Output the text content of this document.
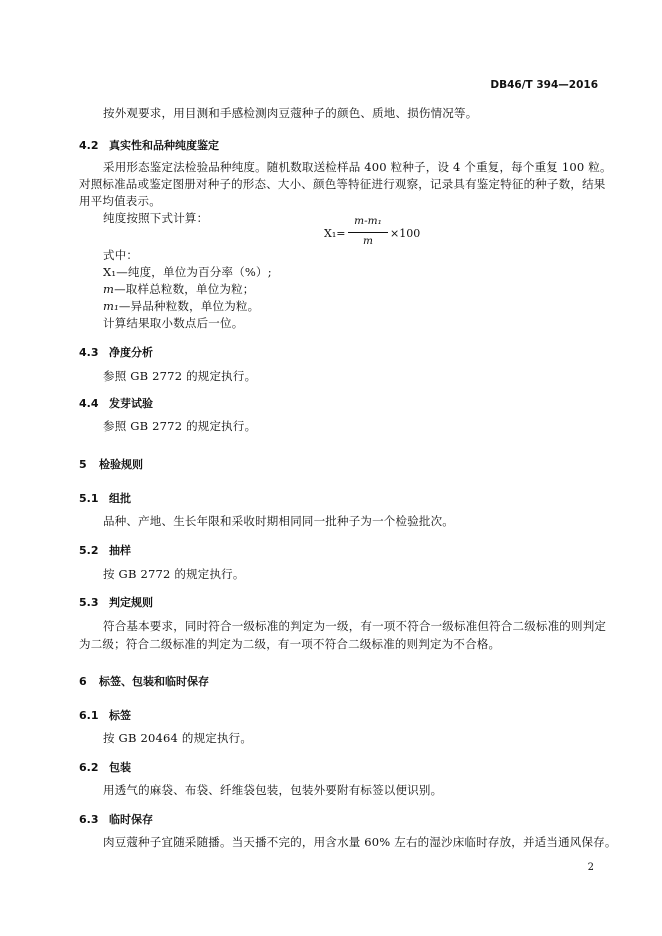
DB46/T 394—2016
按外观要求，用目测和手感检测肉豆蔻种子的颜色、质地、损伤情况等。
4.2 真实性和品种纯度鉴定
采用形态鉴定法检验品种纯度。随机数取送检样品 400 粒种子，设 4 个重复，每个重复 100 粒。
对照标准品或鉴定图册对种子的形态、大小、颜色等特征进行观察，记录具有鉴定特征的种子数，结果
用平均值表示。
纯度按照下式计算：
X₁=
m-m₁
m
×100
式中：
X₁—纯度，单位为百分率（%）;
m—取样总粒数，单位为粒；
m₁—异品种粒数，单位为粒。
计算结果取小数点后一位。
4.3 净度分析
参照 GB 2772 的规定执行。
4.4 发芽试验
参照 GB 2772 的规定执行。
5 检验规则
5.1 组批
品种、产地、生长年限和采收时期相同同一批种子为一个检验批次。
5.2 抽样
按 GB 2772 的规定执行。
5.3 判定规则
符合基本要求，同时符合一级标准的判定为一级，有一项不符合一级标准但符合二级标准的则判定
为二级；符合二级标准的判定为二级，有一项不符合二级标准的则判定为不合格。
6 标签、包装和临时保存
6.1 标签
按 GB 20464 的规定执行。
6.2 包装
用透气的麻袋、布袋、纤维袋包装，包装外要附有标签以便识别。
6.3 临时保存
肉豆蔻种子宜随采随播。当天播不完的，用含水量 60% 左右的湿沙床临时存放，并适当通风保存。
2
